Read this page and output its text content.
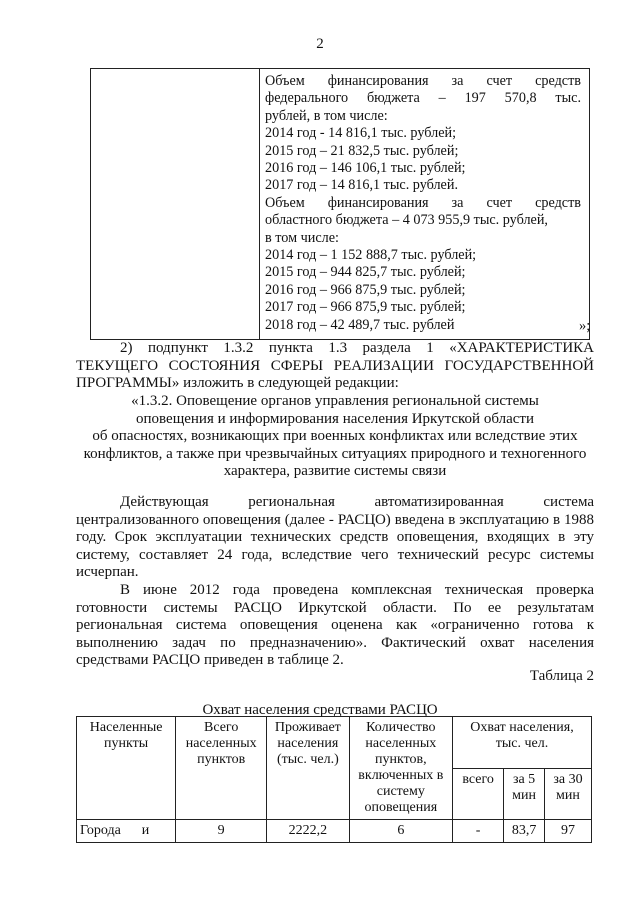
2
Объем финансирования за счет средств
федерального бюджета – 197 570,8 тыс.
рублей, в том числе:
2014 год - 14 816,1 тыс. рублей;
2015 год – 21 832,5 тыс. рублей;
2016 год – 146 106,1 тыс. рублей;
2017 год – 14 816,1 тыс. рублей.
Объем финансирования за счет средств
областного бюджета – 4 073 955,9 тыс. рублей,
в том числе:
2014 год – 1 152 888,7 тыс. рублей;
2015 год – 944 825,7 тыс. рублей;
2016 год – 966 875,9 тыс. рублей;
2017 год – 966 875,9 тыс. рублей;
2018 год – 42 489,7 тыс. рублей	»;
2) подпункт 1.3.2 пункта 1.3 раздела 1 «ХАРАКТЕРИСТИКА
ТЕКУЩЕГО СОСТОЯНИЯ СФЕРЫ РЕАЛИЗАЦИИ ГОСУДАРСТВЕННОЙ
ПРОГРАММЫ» изложить в следующей редакции:
«1.3.2. Оповещение органов управления региональной системы
оповещения и информирования населения Иркутской области
об опасностях, возникающих при военных конфликтах или вследствие этих
конфликтов, а также при чрезвычайных ситуациях природного и техногенного
характера, развитие системы связи
Действующая региональная автоматизированная система
централизованного оповещения (далее - РАСЦО) введена в эксплуатацию в 1988 году. Срок эксплуатации технических средств оповещения, входящих в эту систему, составляет 24 года, вследствие чего технический ресурс системы исчерпан.
В июне 2012 года проведена комплексная техническая проверка готовности системы РАСЦО Иркутской области. По ее результатам региональная система оповещения оценена как «ограниченно готова к выполнению задач по предназначению». Фактический охват населения средствами РАСЦО приведен в таблице 2.
Таблица 2
Охват населения средствами РАСЦО
Населенные пункты	Всего населенных пунктов	Проживает населения (тыс. чел.)	Количество населенных пунктов, включенных в систему оповещения	Охват населения, тыс. чел.		
				всего	за 5 мин	за 30 мин
Города      и	9	2222,2	6	-	83,7	97
